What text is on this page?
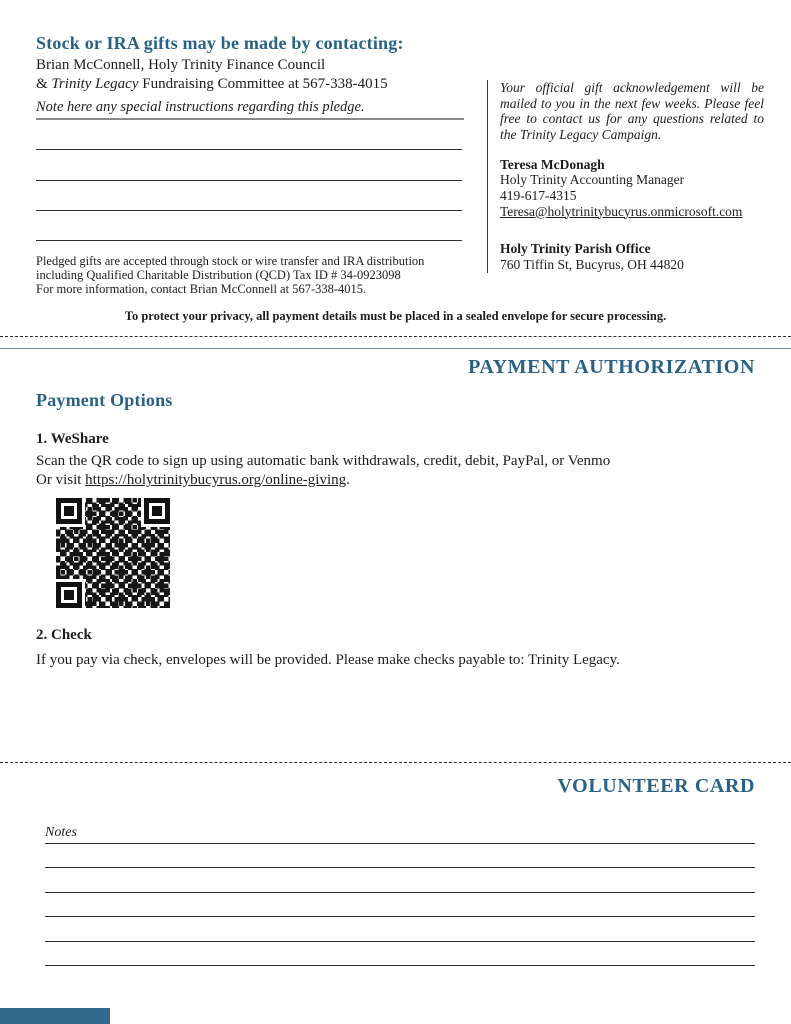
Stock or IRA gifts may be made by contacting:
Brian McConnell, Holy Trinity Finance Council
& Trinity Legacy Fundraising Committee at 567-338-4015
Note here any special instructions regarding this pledge.
Pledged gifts are accepted through stock or wire transfer and IRA distribution
including Qualified Charitable Distribution (QCD) Tax ID # 34-0923098
For more information, contact Brian McConnell at 567-338-4015.

Your official gift acknowledgement will be mailed to you in the next few weeks. Please feel free to contact us for any questions related to the Trinity Legacy Campaign.

Teresa McDonagh

Holy Trinity Accounting Manager

419-617-4315

Teresa@holytrinitybucyrus.onmicrosoft.com

Holy Trinity Parish Office

760 Tiffin St, Bucyrus, OH 44820

To protect your privacy, all payment details must be placed in a sealed envelope for secure processing.
PAYMENT AUTHORIZATION
Payment Options
1. WeShare
Scan the QR code to sign up using automatic bank withdrawals, credit, debit, PayPal, or Venmo
Or visit https://holytrinitybucyrus.org/online-giving.
2. Check
If you pay via check, envelopes will be provided. Please make checks payable to: Trinity Legacy.
VOLUNTEER CARD
Notes
